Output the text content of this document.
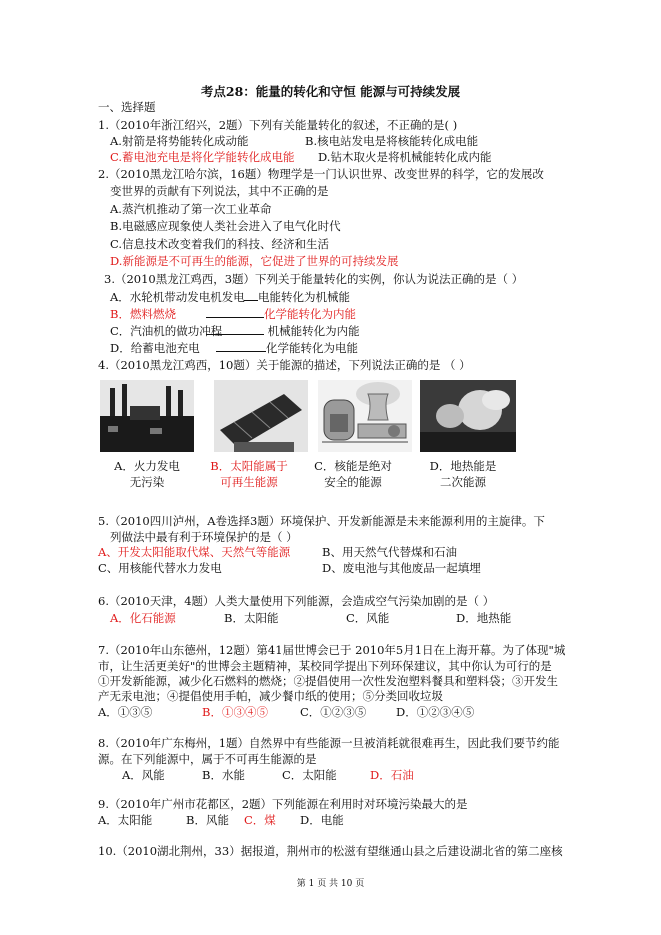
考点28：能量的转化和守恒 能源与可持续发展
一、选择题
1.（2010年浙江绍兴，2题）下列有关能量转化的叙述，不正确的是( )
A.射箭是将势能转化成动能	B.核电站发电是将核能转化成电能
C.蓄电池充电是将化学能转化成电能 D.钻木取火是将机械能转化成内能
2.（2010黑龙江哈尔滨，16题）物理学是一门认识世界、改变世界的科学，它的发展改
变世界的贡献有下列说法，其中不正确的是
A.蒸汽机推动了第一次工业革命
B.电磁感应现象使人类社会进入了电气化时代
C.信息技术改变着我们的科技、经济和生活
D.新能源是不可再生的能源，它促进了世界的可持续发展
3.（2010黑龙江鸡西，3题）下列关于能量转化的实例，你认为说法正确的是（ ）
A．水轮机带动发电机发电	电能转化为机械能
B．燃料燃烧	化学能转化为内能
C．汽油机的做功冲程	机械能转化为内能
D．给蓄电池充电	化学能转化为电能
4.（2010黑龙江鸡西，10题）关于能源的描述，下列说法正确的是 （ ）
A．火力发电
无污染
B．太阳能属于
可再生能源
C．核能是绝对
安全的能源
D．地热能是
二次能源
5.（2010四川泸州，A卷选择3题）环境保护、开发新能源是未来能源利用的主旋律。下
列做法中最有利于环境保护的是（ ）
A、开发太阳能取代煤、天然气等能源	B、用天然气代替煤和石油
C、用核能代替水力发电	D、废电池与其他废品一起填埋
6.（2010天津，4题）人类大量使用下列能源，会造成空气污染加剧的是（ ）
A．化石能源	B．太阳能	C．风能	D．地热能
7.（2010年山东德州，12题）第41届世博会已于 2010年5月1日在上海开幕。为了体现"城
市，让生活更美好"的世博会主题精神，某校同学提出下列环保建议，其中你认为可行的是
①开发新能源，减少化石燃料的燃烧；②提倡使用一次性发泡塑料餐具和塑料袋；③开发生
产无汞电池；④提倡使用手帕，减少餐巾纸的使用；⑤分类回收垃圾
A．①③⑤	B．①③④⑤	C．①②③⑤	D．①②③④⑤
8.（2010年广东梅州，1题）自然界中有些能源一旦被消耗就很难再生，因此我们要节约能
源。在下列能源中，属于不可再生能源的是
A．风能	B．水能	C．太阳能	D．石油
9.（2010年广州市花都区，2题）下列能源在利用时对环境污染最大的是
A．太阳能	B．风能 C．煤 D．电能
10.（2010湖北荆州，33）据报道，荆州市的松滋有望继通山县之后建设湖北省的第二座核
第 1 页 共 10 页
